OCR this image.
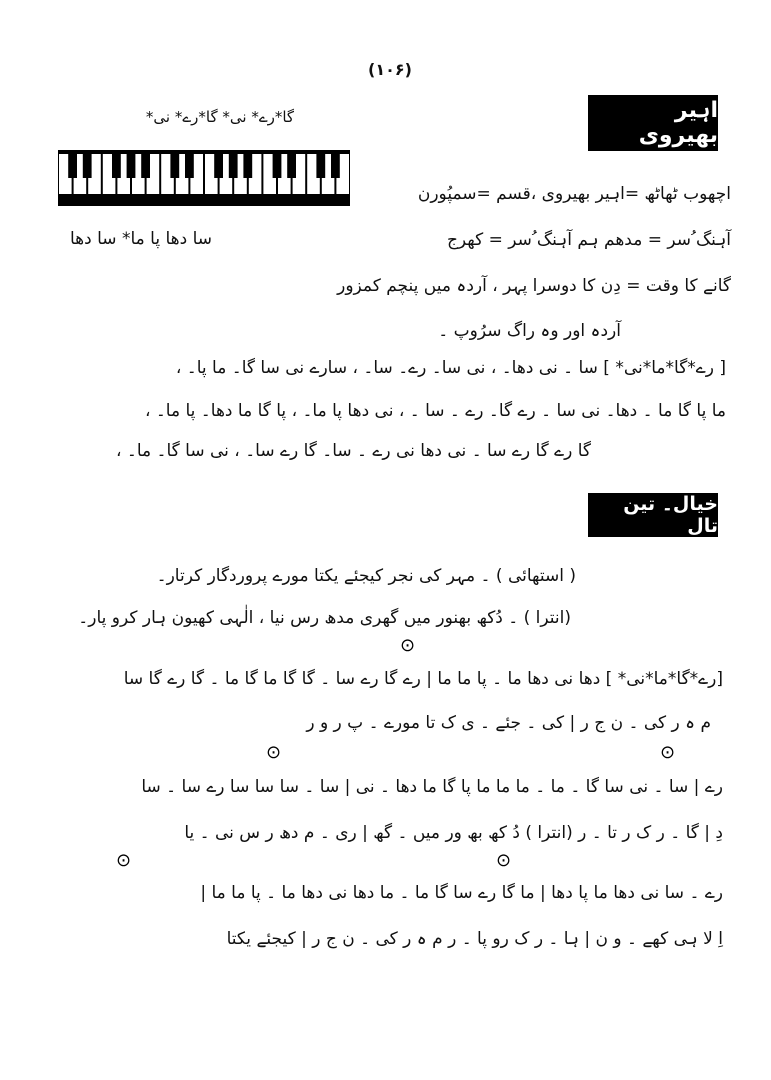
(۱۰۶)
اہیر بھیروی
گا*رے* نی* گا*رے* نی*
اچھوب ٹھاٹھ =اہیر بھیروی ،قسم =سمپُورن
آہنگ ُسر = مدھم ہم آہنگ ُسر = کھرج
سا دھا پا ما* سا دھا
گانے کا وقت = دِن کا دوسرا پہر ، آردہ میں پنچم کمزور
آردہ اور وہ راگ سرُوپ ۔
[ رے*گا*ما*نی* ] سا ۔ نی دھا۔ ، نی سا۔ رے۔ سا۔ ، سارے نی سا گا۔ ما پا۔ ،
ما پا گا ما ۔ دھا۔ نی سا ۔ رے گا۔ رے ۔ سا ۔ ، نی دھا پا ما۔ ، پا گا ما دھا۔ پا ما۔ ،
گا رے گا رے سا ۔ نی دھا نی رے ۔ سا۔ گا رے سا۔ ، نی سا گا۔ ما۔ ،
خیال۔ تین تال
( استھائی ) ۔ مہر کی نجر کیجئے یکتا مورے پروردگار کرتار۔
(انترا ) ۔ دُکھ بھنور میں گھری مدھ رس نیا ، الٰہی کھیون ہار کرو پار۔
⊙
[رے*گا*ما*نی* ] دھا نی دھا ما ۔ پا ما ما | رے گا رے سا ۔ گا گا ما گا ما ۔ گا رے گا سا
م ہ ر کی ۔ ن ج ر | کی ۔ جئے ۔ ی ک تا مورے ۔ پ ر و ر
⊙	⊙
رے | سا ۔ نی سا گا ۔ ما ۔ ما ما ما پا گا ما دھا ۔ نی | سا ۔ سا سا سا رے سا ۔ سا
دِ | گا ۔ ر ک ر تا ۔ ر (انترا ) دُ کھ بھ ور میں ۔ گھ | ری ۔ م دھ ر س نی ۔ یا
⊙	⊙
رے ۔ سا نی دھا ما پا دھا | ما گا رے سا گا ما ۔ ما دھا نی دھا ما ۔ پا ما ما |
اِ لا ہی کھے ۔ و ن | ہا ۔ ر ک رو پا ۔ ر م ہ ر کی ۔ ن ج ر | کیجئے یکتا
